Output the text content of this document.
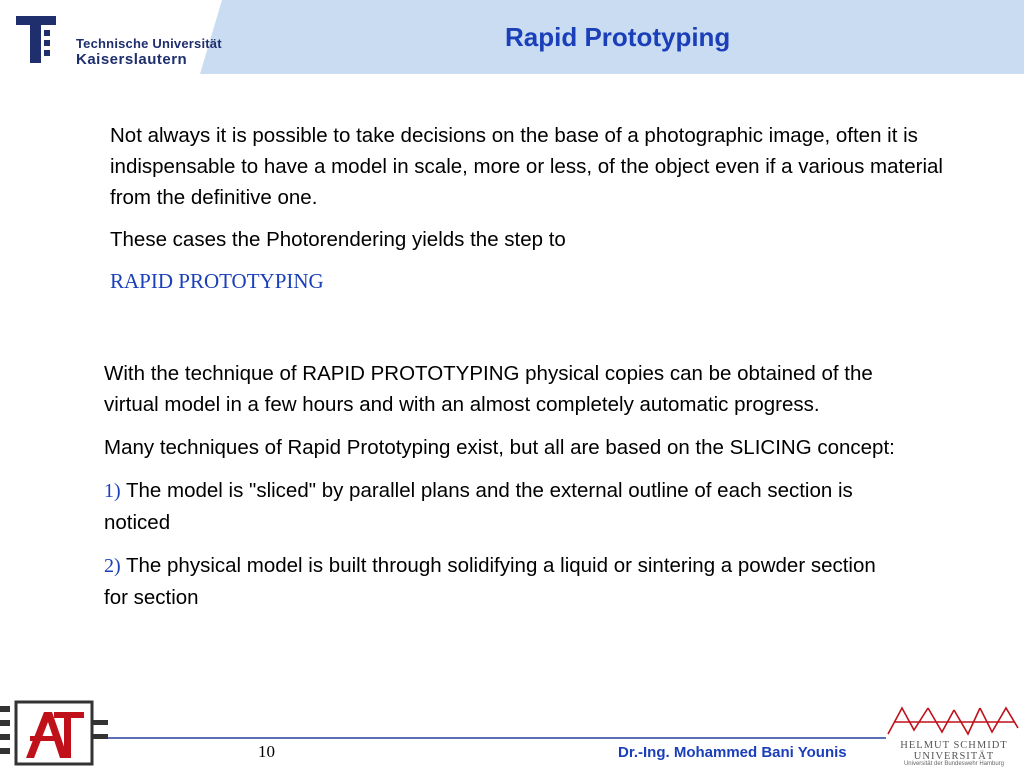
Technische Universität
Kaiserslautern
Rapid Prototyping

Not always it is possible to take decisions on the base of a photographic image, often it is indispensable to have a model in scale, more or less, of the object even if a various material from the definitive one.

These cases the Photorendering yields the step to

RAPID PROTOTYPING

With the technique of RAPID PROTOTYPING physical copies can be obtained of the virtual model in a few hours and with an almost completely automatic progress.

Many techniques of Rapid Prototyping exist, but all are based on the SLICING concept:

1) The model is "sliced" by parallel plans and the external outline of each section is noticed

2) The physical model is built through solidifying a liquid or sintering a powder section for section

10	Dr.-Ing. Mohammed Bani Younis	HELMUT SCHMIDT
UNIVERSITÄT
Universität der Bundeswehr Hamburg
